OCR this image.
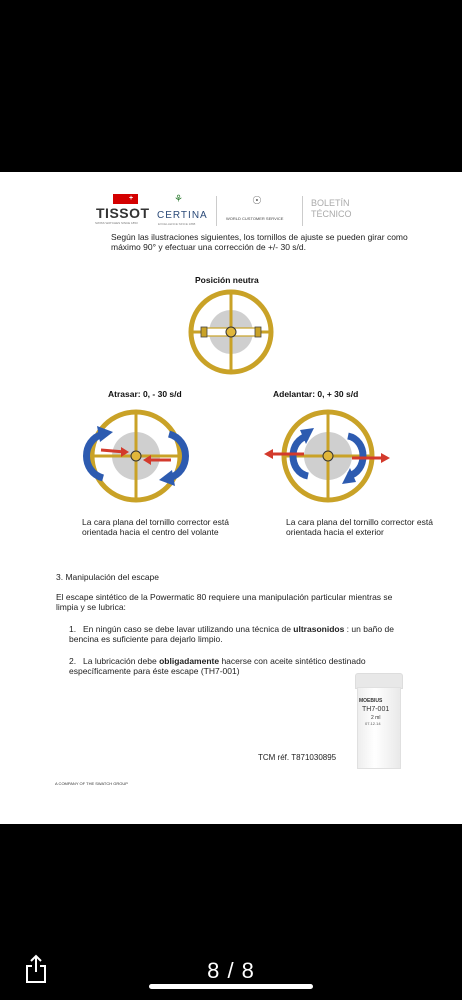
+
TISSOT
SWISS WATCHES SINCE 1853
⚘
CERTINA
EXCELLENCE SINCE 1888
☉
WORLD CUSTOMER SERVICE
BOLETÍN
TÉCNICO
Según las ilustraciones siguientes, los tornillos de ajuste se pueden girar como máximo 90° y efectuar una corrección de +/- 30 s/d.
Posición neutra
Atrasar: 0, - 30 s/d	Adelantar: 0, + 30 s/d
La cara plana del tornillo corrector está orientada hacia el centro del volante
La cara plana del tornillo corrector está orientada hacia el exterior
3. Manipulación del escape
El escape sintético de la Powermatic 80 requiere una manipulación particular mientras se limpia y se lubrica:
1. En ningún caso se debe lavar utilizando una técnica de ultrasonidos : un baño de bencina es suficiente para dejarlo limpio.
2. La lubricación debe obligadamente hacerse con aceite sintético destinado específicamente para éste escape (TH7-001)
MOEBIUS
TH7-001
2 ml
07.12.14
TCM réf. T871030895
A COMPANY OF THE SWATCH GROUP
8 / 8
